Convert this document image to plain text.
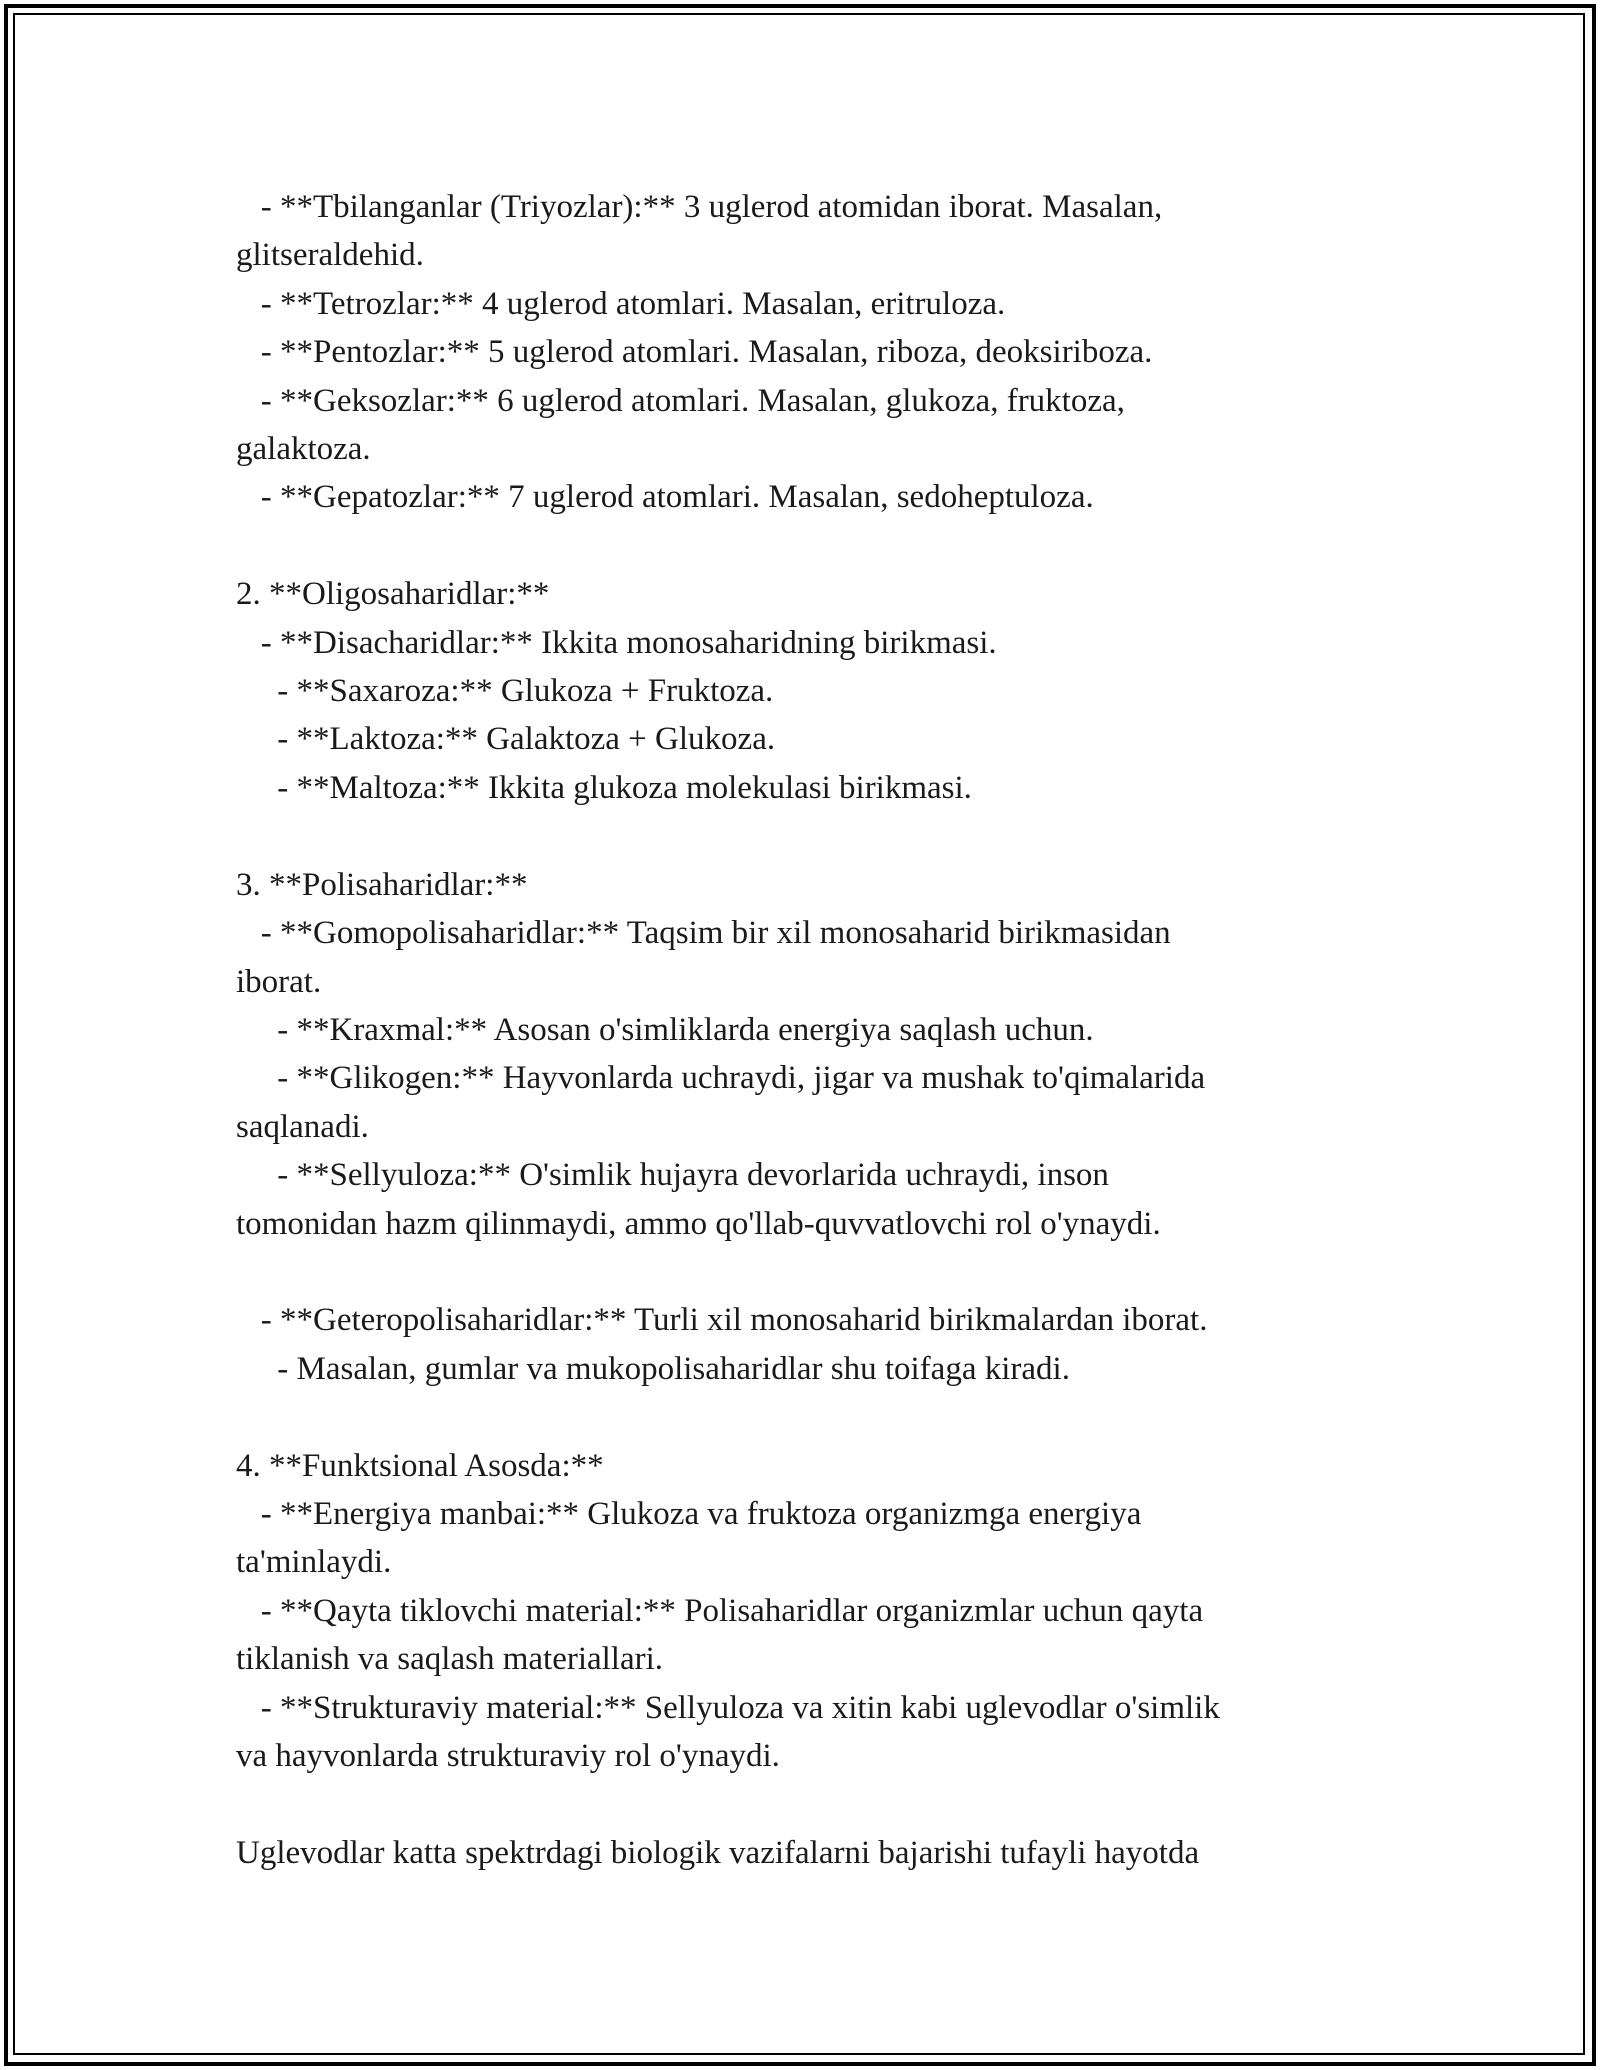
- **Tbilanganlar (Triyozlar):** 3 uglerod atomidan iborat. Masalan,
glitseraldehid.
- **Tetrozlar:** 4 uglerod atomlari. Masalan, eritruloza.
- **Pentozlar:** 5 uglerod atomlari. Masalan, riboza, deoksiriboza.
- **Geksozlar:** 6 uglerod atomlari. Masalan, glukoza, fruktoza,
galaktoza.
- **Gepatozlar:** 7 uglerod atomlari. Masalan, sedoheptuloza.

2. **Oligosaharidlar:**
- **Disacharidlar:** Ikkita monosaharidning birikmasi.
- **Saxaroza:** Glukoza + Fruktoza.
- **Laktoza:** Galaktoza + Glukoza.
- **Maltoza:** Ikkita glukoza molekulasi birikmasi.

3. **Polisaharidlar:**
- **Gomopolisaharidlar:** Taqsim bir xil monosaharid birikmasidan
iborat.
- **Kraxmal:** Asosan o'simliklarda energiya saqlash uchun.
- **Glikogen:** Hayvonlarda uchraydi, jigar va mushak to'qimalarida
saqlanadi.
- **Sellyuloza:** O'simlik hujayra devorlarida uchraydi, inson
tomonidan hazm qilinmaydi, ammo qo'llab-quvvatlovchi rol o'ynaydi.

- **Geteropolisaharidlar:** Turli xil monosaharid birikmalardan iborat.
- Masalan, gumlar va mukopolisaharidlar shu toifaga kiradi.

4. **Funktsional Asosda:**
- **Energiya manbai:** Glukoza va fruktoza organizmga energiya
ta'minlaydi.
- **Qayta tiklovchi material:** Polisaharidlar organizmlar uchun qayta
tiklanish va saqlash materiallari.
- **Strukturaviy material:** Sellyuloza va xitin kabi uglevodlar o'simlik
va hayvonlarda strukturaviy rol o'ynaydi.

Uglevodlar katta spektrdagi biologik vazifalarni bajarishi tufayli hayotda
